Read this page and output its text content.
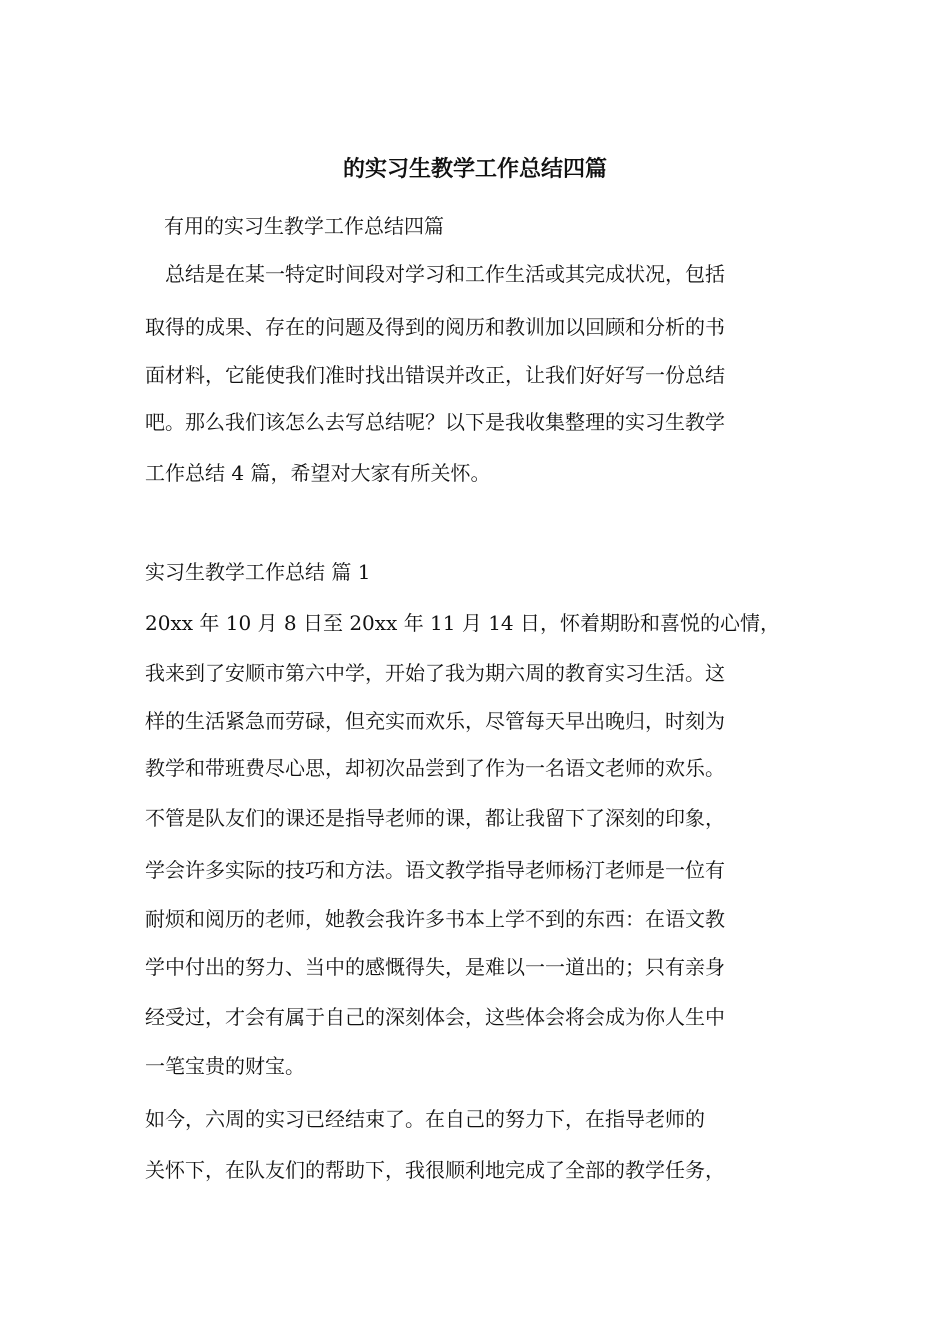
的实习生教学工作总结四篇
有用的实习生教学工作总结四篇
　总结是在某一特定时间段对学习和工作生活或其完成状况，包括
取得的成果、存在的问题及得到的阅历和教训加以回顾和分析的书
面材料，它能使我们准时找出错误并改正，让我们好好写一份总结
吧。那么我们该怎么去写总结呢？以下是我收集整理的实习生教学
工作总结 4 篇，希望对大家有所关怀。
实习生教学工作总结 篇 1
20xx 年 10 月 8 日至 20xx 年 11 月 14 日，怀着期盼和喜悦的心情，
我来到了安顺市第六中学，开始了我为期六周的教育实习生活。这
样的生活紧急而劳碌，但充实而欢乐，尽管每天早出晚归，时刻为
教学和带班费尽心思，却初次品尝到了作为一名语文老师的欢乐。
不管是队友们的课还是指导老师的课，都让我留下了深刻的印象，
学会许多实际的技巧和方法。语文教学指导老师杨汀老师是一位有
耐烦和阅历的老师，她教会我许多书本上学不到的东西：在语文教
学中付出的努力、当中的感慨得失，是难以一一道出的；只有亲身
经受过，才会有属于自己的深刻体会，这些体会将会成为你人生中
一笔宝贵的财宝。
如今，六周的实习已经结束了。在自己的努力下，在指导老师的
关怀下，在队友们的帮助下，我很顺利地完成了全部的教学任务，
